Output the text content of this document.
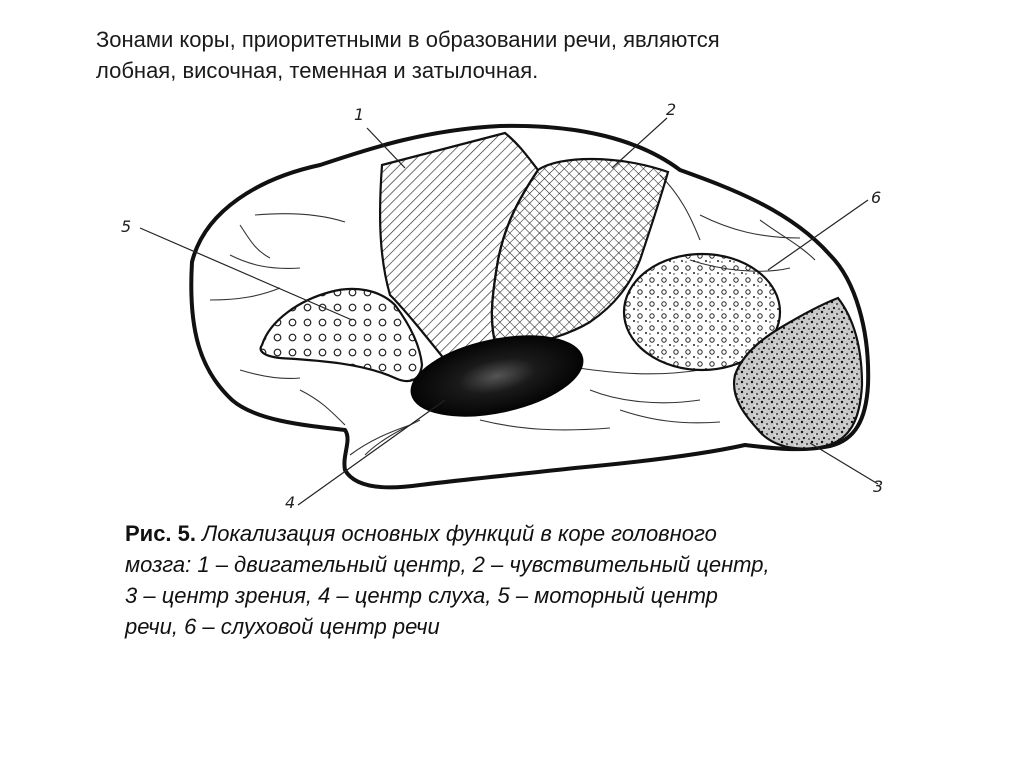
Зонами коры, приоритетными в образовании речи, являются
лобная, височная, теменная и затылочная.
1	2
6
5
3
4
Рис. 5. Локализация основных функций в коре головного
мозга: 1 – двигательный центр, 2 – чувствительный центр,
3 – центр зрения, 4 – центр слуха, 5 – моторный центр
речи, 6 – слуховой центр речи
